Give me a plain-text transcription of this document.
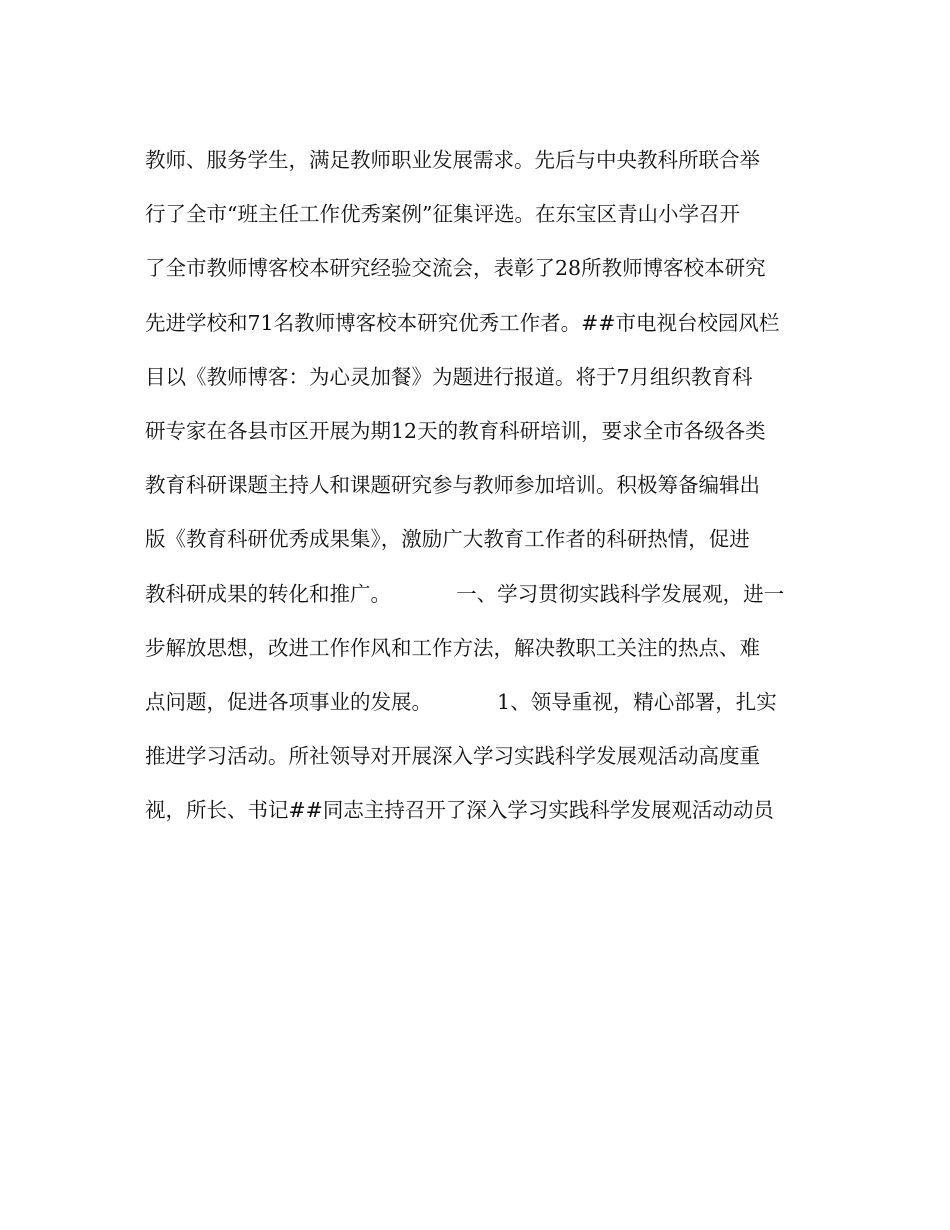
教师、服务学生，满足教师职业发展需求。先后与中央教科所联合举
行了全市“班主任工作优秀案例”征集评选。在东宝区青山小学召开
了全市教师博客校本研究经验交流会，表彰了28所教师博客校本研究
先进学校和71名教师博客校本研究优秀工作者。##市电视台校园风栏
目以《教师博客：为心灵加餐》为题进行报道。将于7月组织教育科
研专家在各县市区开展为期12天的教育科研培训，要求全市各级各类
教育科研课题主持人和课题研究参与教师参加培训。积极筹备编辑出
版《教育科研优秀成果集》，激励广大教育工作者的科研热情，促进
教科研成果的转化和推广。          一、学习贯彻实践科学发展观，进一
步解放思想，改进工作作风和工作方法，解决教职工关注的热点、难
点问题，促进各项事业的发展。          1、领导重视，精心部署，扎实
推进学习活动。所社领导对开展深入学习实践科学发展观活动高度重
视，所长、书记##同志主持召开了深入学习实践科学发展观活动动员
